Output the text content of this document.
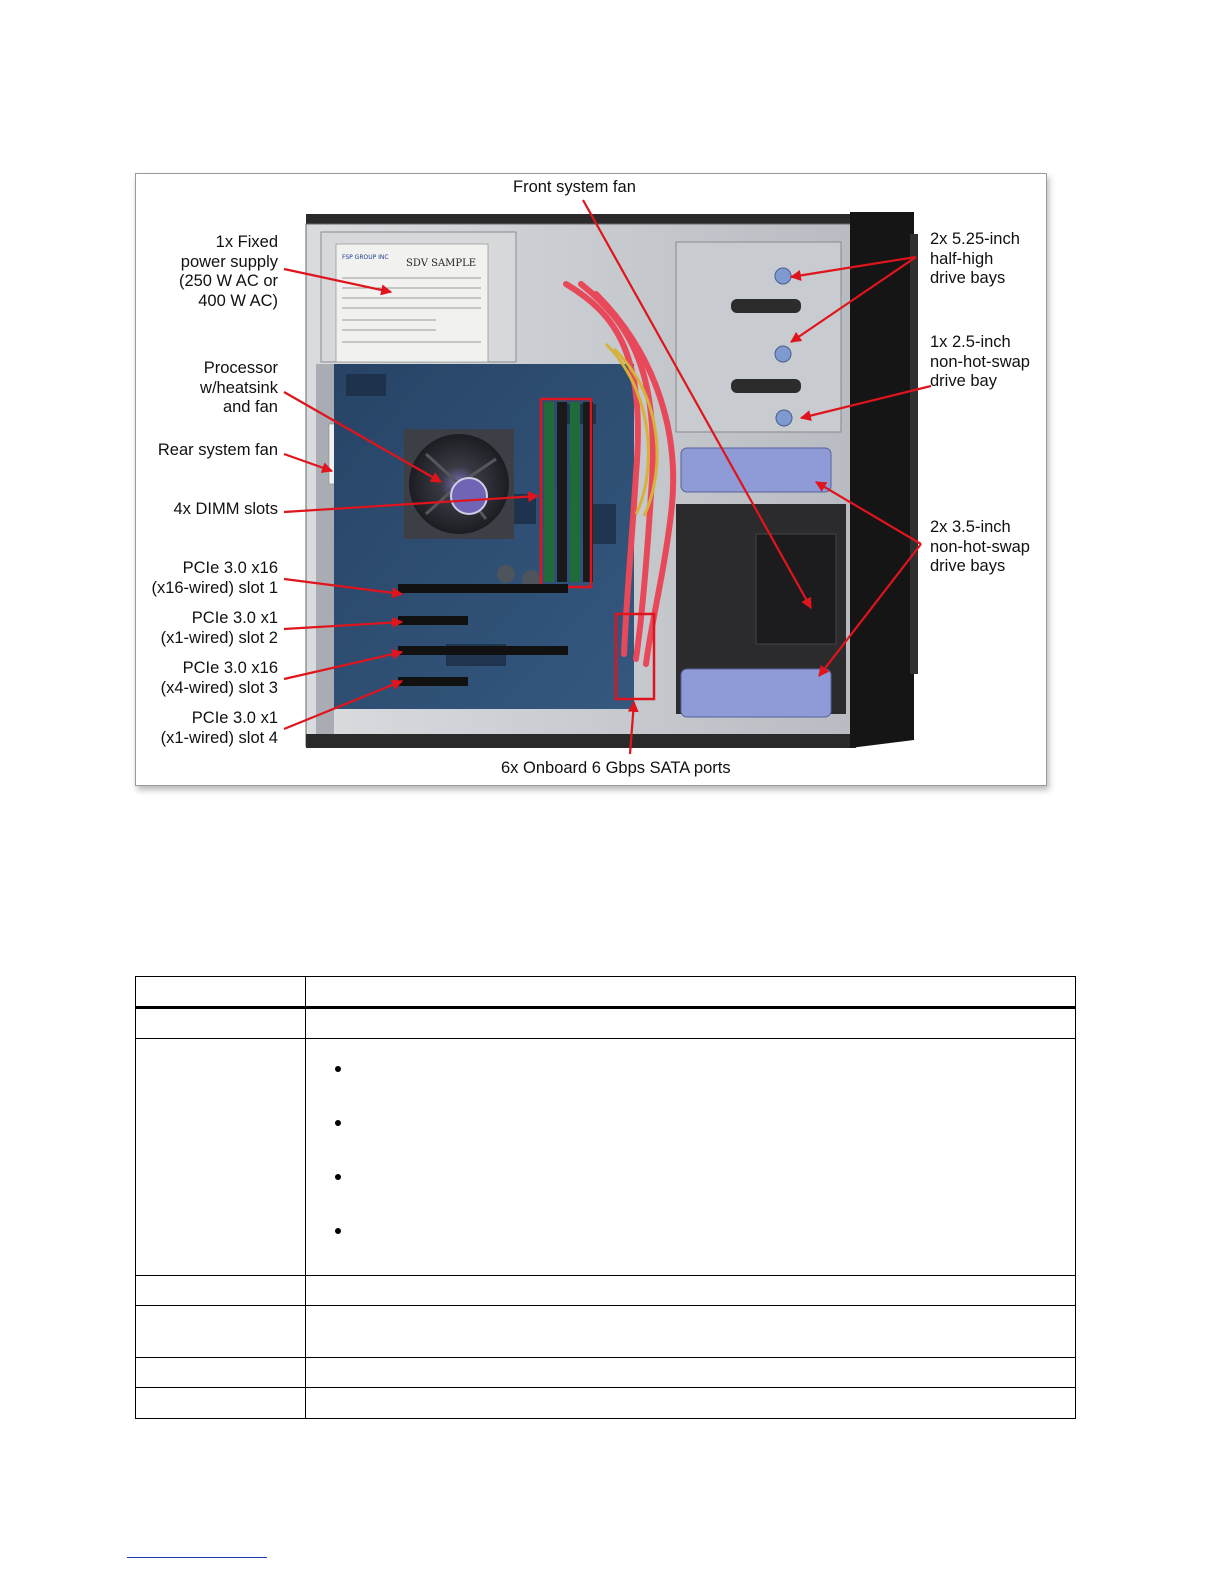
FSP GROUP INC
SDV SAMPLE
Front system fan
1x Fixed
power supply
(250 W AC or
400 W AC)
Processor
w/heatsink
and fan
Rear system fan
4x DIMM slots
PCIe 3.0 x16
(x16-wired) slot 1
PCIe 3.0 x1
(x1-wired) slot 2
PCIe 3.0 x16
(x4-wired) slot 3
PCIe 3.0 x1
(x1-wired) slot 4
2x 5.25-inch
half-high
drive bays
1x 2.5-inch
non-hot-swap
drive bay
2x 3.5-inch
non-hot-swap
drive bays
6x Onboard 6 Gbps SATA ports
